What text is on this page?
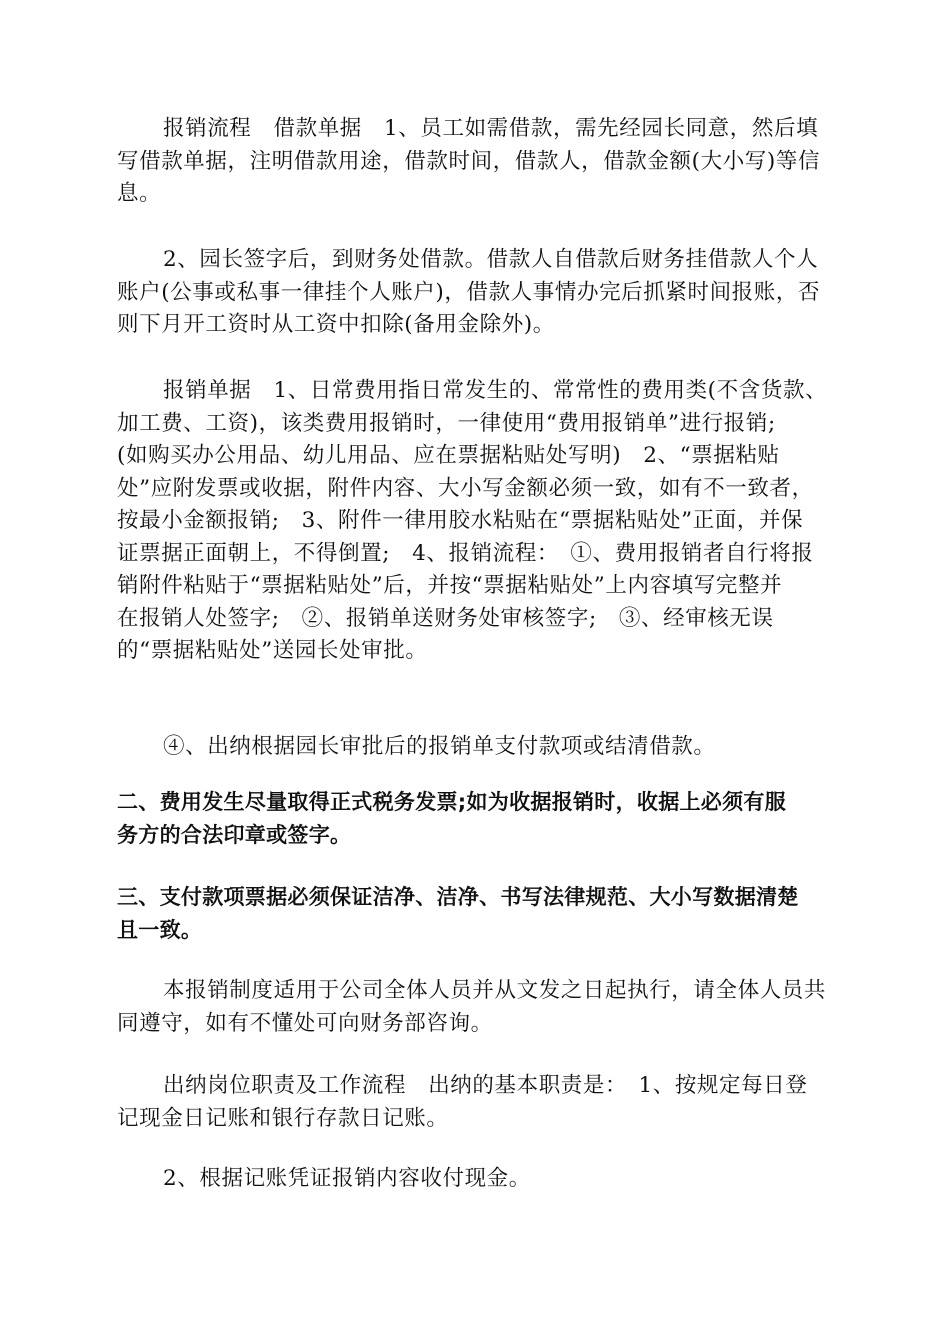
报销流程　借款单据　1、员工如需借款，需先经园长同意，然后填
写借款单据，注明借款用途，借款时间，借款人，借款金额(大小写)等信
息。

2、园长签字后，到财务处借款。借款人自借款后财务挂借款人个人
账户(公事或私事一律挂个人账户)，借款人事情办完后抓紧时间报账，否
则下月开工资时从工资中扣除(备用金除外)。

报销单据　1、日常费用指日常发生的、常常性的费用类(不含货款、
加工费、工资)，该类费用报销时，一律使用“费用报销单”进行报销;
(如购买办公用品、幼儿用品、应在票据粘贴处写明)　2、“票据粘贴
处”应附发票或收据，附件内容、大小写金额必须一致，如有不一致者，
按最小金额报销;　3、附件一律用胶水粘贴在“票据粘贴处”正面，并保
证票据正面朝上，不得倒置;　4、报销流程：　①、费用报销者自行将报
销附件粘贴于“票据粘贴处”后，并按“票据粘贴处”上内容填写完整并
在报销人处签字;　②、报销单送财务处审核签字;　③、经审核无误
的“票据粘贴处”送园长处审批。

④、出纳根据园长审批后的报销单支付款项或结清借款。

二、费用发生尽量取得正式税务发票;如为收据报销时，收据上必须有服
务方的合法印章或签字。

三、支付款项票据必须保证洁净、洁净、书写法律规范、大小写数据清楚
且一致。

本报销制度适用于公司全体人员并从文发之日起执行，请全体人员共
同遵守，如有不懂处可向财务部咨询。

出纳岗位职责及工作流程　出纳的基本职责是：　1、按规定每日登
记现金日记账和银行存款日记账。

2、根据记账凭证报销内容收付现金。
